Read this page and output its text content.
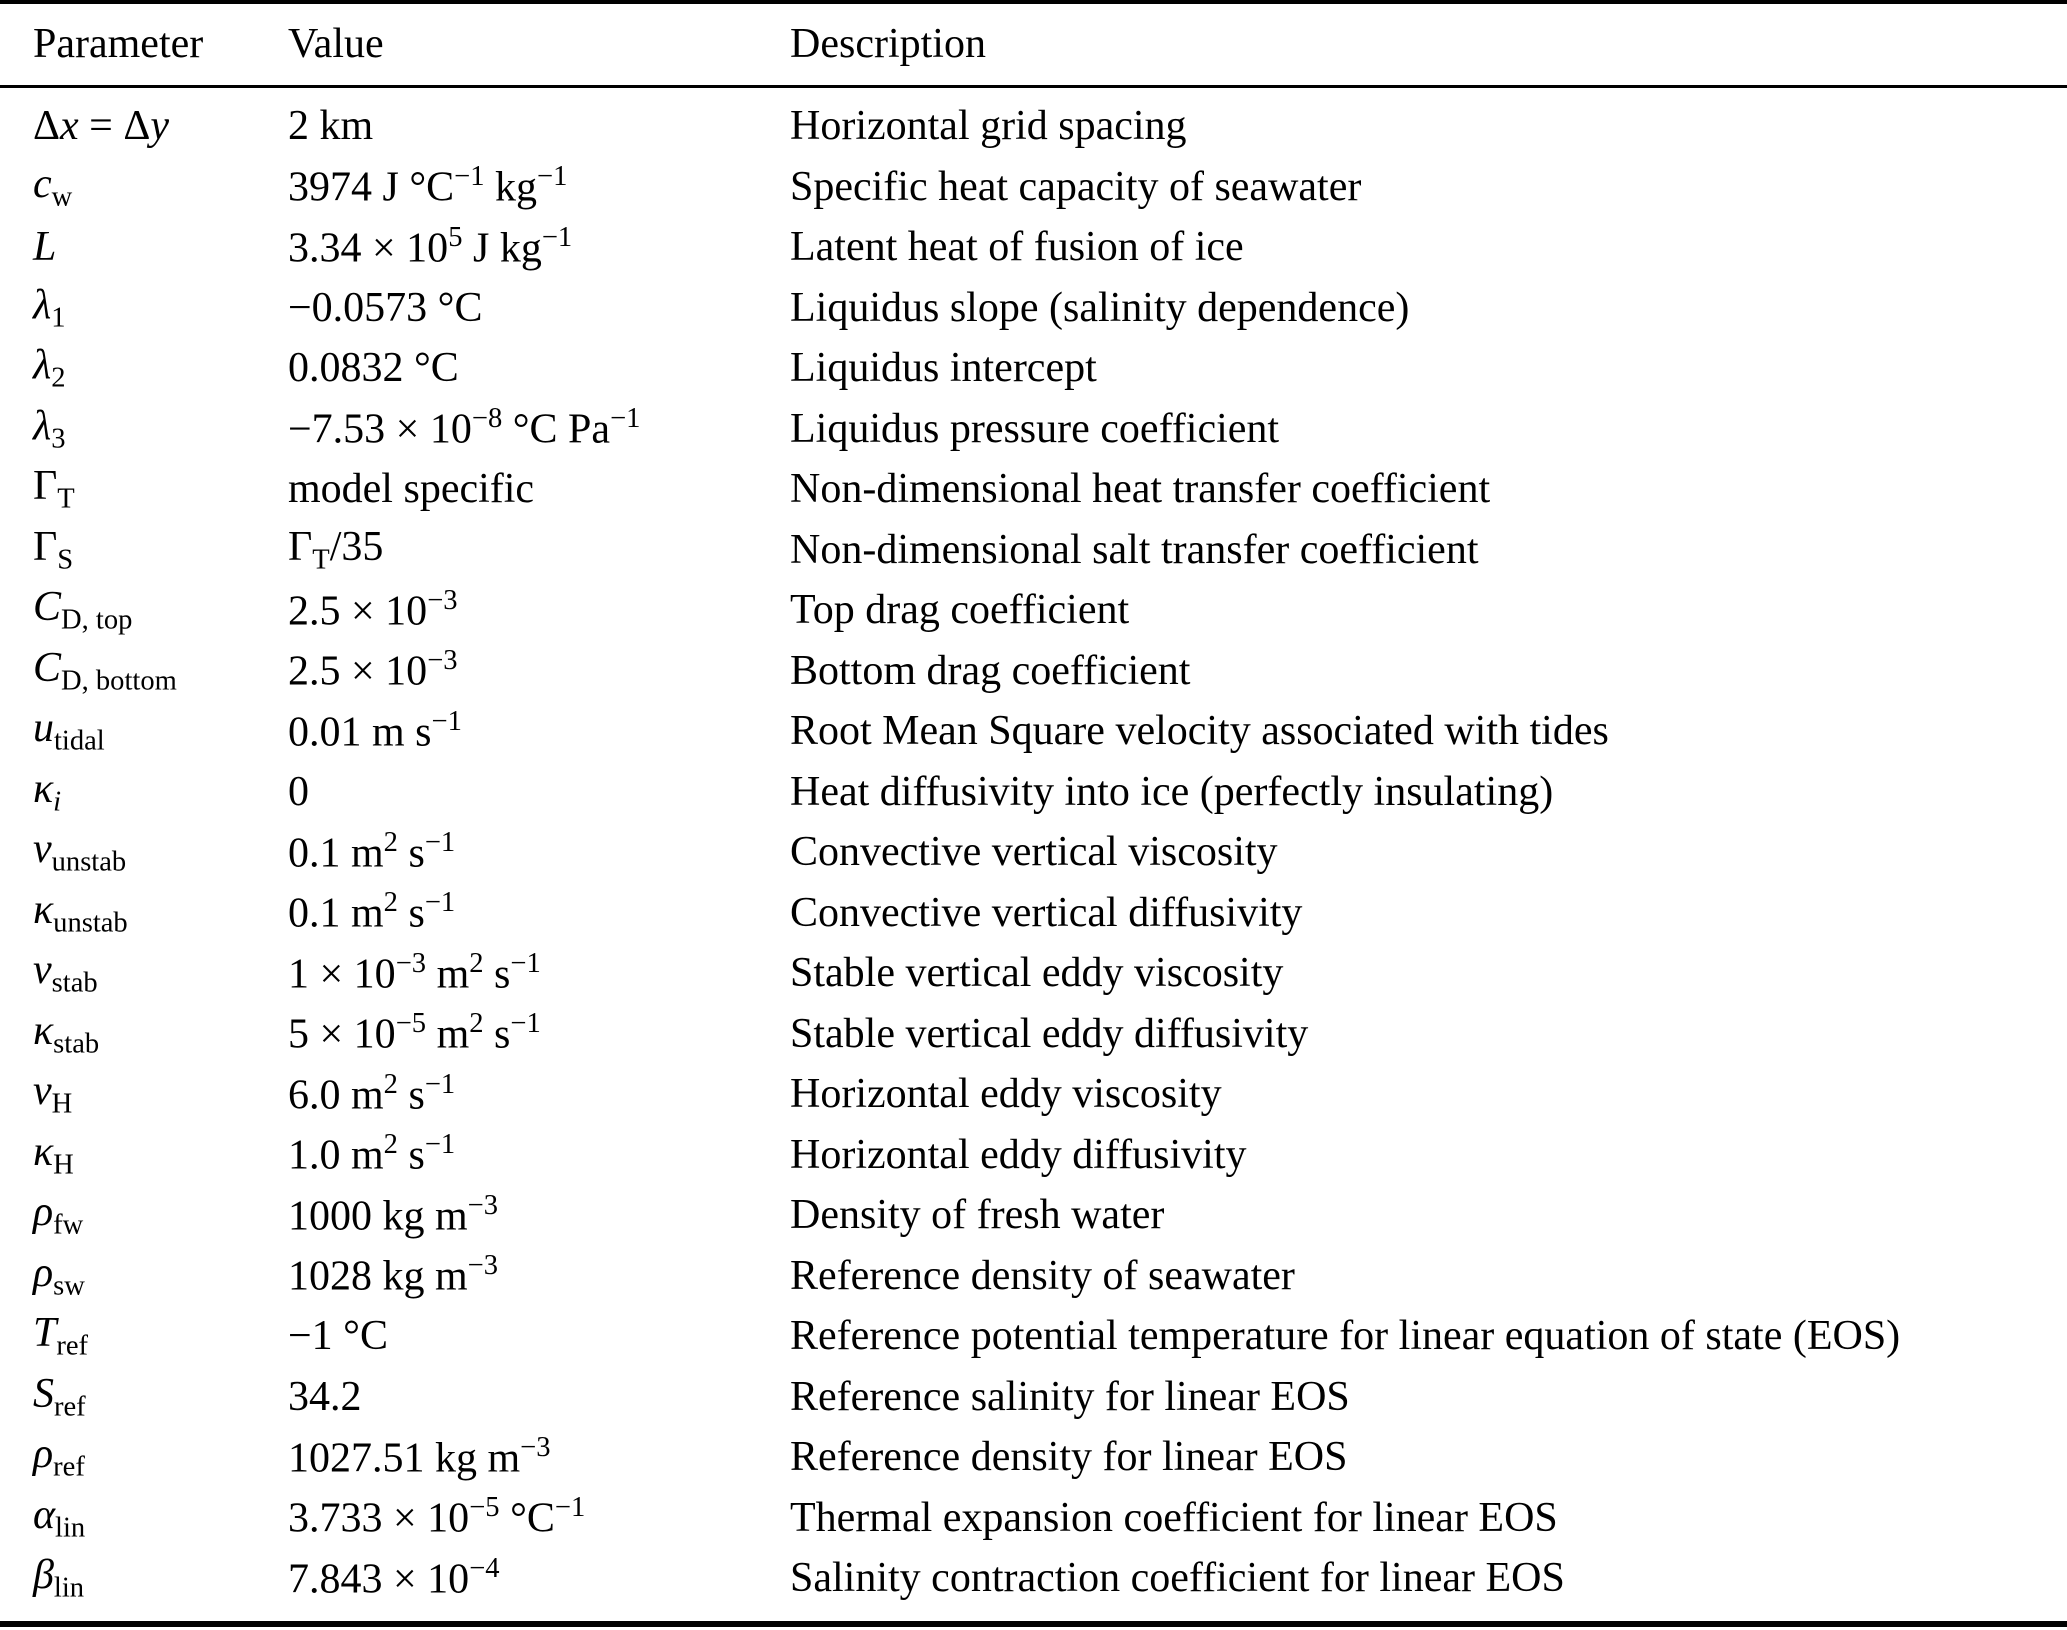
Parameter	Value	Description
Δx = Δy	2 km	Horizontal grid spacing
$c_w$	3974 J $^\circ C^{-1}$ $kg^{-1}$	Specific heat capacity of seawater
L	$3.34 \times 10^5$ J $kg^{-1}$	Latent heat of fusion of ice
$\lambda_1$	−0.0573 °C	Liquidus slope (salinity dependence)
$\lambda_2$	0.0832 °C	Liquidus intercept
$\lambda_3$	$-7.53 \times 10^{-8}$ °C $Pa^{-1}$	Liquidus pressure coefficient
$\Gamma_T$	model specific	Non-dimensional heat transfer coefficient
$\Gamma_S$	$\Gamma_T/35$	Non-dimensional salt transfer coefficient
$C_{D, top}$	$2.5 \times 10^{-3}$	Top drag coefficient
$C_{D, bottom}$	$2.5 \times 10^{-3}$	Bottom drag coefficient
$u_{tidal}$	0.01 m $s^{-1}$	Root Mean Square velocity associated with tides
$\kappa_i$	0	Heat diffusivity into ice (perfectly insulating)
$\nu_{unstab}$	0.1 $m^2$ $s^{-1}$	Convective vertical viscosity
$\kappa_{unstab}$	0.1 $m^2$ $s^{-1}$	Convective vertical diffusivity
$\nu_{stab}$	$1 \times 10^{-3}$ $m^2$ $s^{-1}$	Stable vertical eddy viscosity
$\kappa_{stab}$	$5 \times 10^{-5}$ $m^2$ $s^{-1}$	Stable vertical eddy diffusivity
$\nu_H$	6.0 $m^2$ $s^{-1}$	Horizontal eddy viscosity
$\kappa_H$	1.0 $m^2$ $s^{-1}$	Horizontal eddy diffusivity
$\rho_{fw}$	1000 kg $m^{-3}$	Density of fresh water
$\rho_{sw}$	1028 kg $m^{-3}$	Reference density of seawater
$T_{ref}$	−1 °C	Reference potential temperature for linear equation of state (EOS)
$S_{ref}$	34.2	Reference salinity for linear EOS
$\rho_{ref}$	1027.51 kg $m^{-3}$	Reference density for linear EOS
$\alpha_{lin}$	$3.733 \times 10^{-5}$ $^\circ C^{-1}$	Thermal expansion coefficient for linear EOS
$\beta_{lin}$	$7.843 \times 10^{-4}$	Salinity contraction coefficient for linear EOS
